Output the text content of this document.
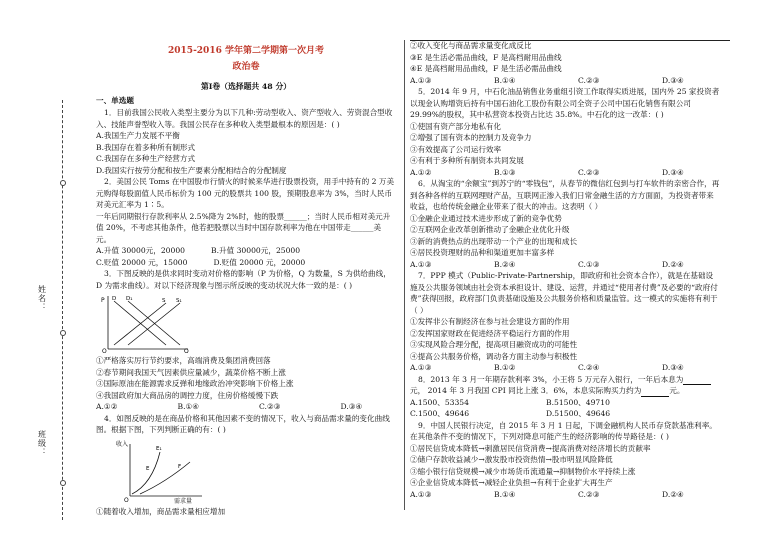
姓名：
班级：
2015-2016 学年第二学期第一次月考
政治卷
第Ⅰ卷（选择题共 48 分）
一、单选题

1．目前我国公民收入类型主要分为以下几种:劳动型收入、资产型收入、劳资混合型收入、技能声誉型收入等。我国公民存在多种收入类型最根本的原因是：( )

A.我国生产力发展不平衡

B.我国存在着多种所有制形式

C.我国存在多种生产经营方式

D.我国实行按劳分配和按生产要素分配相结合的分配制度

2．美国公民 Toms 在中国股市行情火的时候来华进行股票投资，用手中持有的 2 万美元购得每股面值人民币标价为 100 元的股票共 100 股，预期股息率为 3%，当时人民币对美元汇率为 1∶5。

一年后同期银行存款利率从 2.5%降为 2%时，他的股票______；当时人民币相对美元升值 20%，不考虑其他条件，他若把股票以当时中国存款利率为他在中国带走______美元。

A.升值 30000元，20000	B.升值 30000元，25000
C.贬值 20000 元，15000	D.贬值 20000 元，20000

3．下图反映的是供求同时变动对价格的影响（P 为价格，Q 为数量，S 为供给曲线，D 为需求曲线）。对以下经济现象与图示所反映的变动状况大体一致的是：( )

P
Q
O
D D₁	S S₁

①严格落实厉行节约要求，高端消费及集团消费回落

②春节期间我国天气因素供应量减少，蔬菜价格不断上涨

③国际原油在能源需求反弹和地缘政治冲突影响下价格上涨

④我国政府加大商品房的调控力度，住房价格缓慢下跌

A.①②	B.①④	C.②③	D.③④

4．如图反映的是在商品价格和其他因素不变的情况下，收入与商品需求量的变化曲线图。根据下图，下列判断正确的有：( )

收入
需求量
O
E₁
E	F

①随着收入增加，商品需求量相应增加

②收入变化与商品需求量变化成反比

③E 是生活必需品曲线，F 是高档耐用品曲线

④E 是高档耐用品曲线，F 是生活必需品曲线

A.①③	B.①④	C.②③	D.③④

5．2014 年 9 月，中石化油品销售业务重组引资工作取得实质进展，国内外 25 家投资者以现金认购增资后持有中国石油化工股份有限公司全资子公司中国石化销售有限公司 29.99%的股权，其中私营资本投资占比达 35.8%。中石化的这一改革：( )

①使国有资产部分地私有化

②增强了国有资本的控制力及竞争力

③有效提高了公司运行效率

④有利于多种所有制资本共同发展

A.①②	B.①③	C.②③	D.③④

6．从淘宝的“余额宝”到苏宁的“零钱包”，从春节的微信红包到与打车软件的亲密合作，再到各种各样的互联网理财产品，互联网正渗入我们日常金融生活的方方面面，为投资者带来收益，也给传统金融企业带来了很大的冲击。这表明（ ）

①金融企业通过技术进步形成了新的竞争优势

②互联网企业改革创新推动了金融企业优化升级

③新的消费热点的出现带动一个产业的出现和成长

④居民投资理财的品种和渠道更加丰富多样

A.①③	B.②④	C.①③	D.②④

7．PPP 模式（Public-Private-Partnership，即政府和社会资本合作），就是在基础设施及公共服务领域由社会资本承担设计、建设、运营，并通过“使用者付费”及必要的“政府付费”获得回报，政府部门负责基础设施及公共服务价格和质量监管。这一模式的实施将有利于（ ）

①发挥非公有制经济在参与社会建设方面的作用

②发挥国家财政在促进经济平稳运行方面的作用

③实现风险合理分配，提高项目融资成功的可能性

④提高公共服务价格，调动各方面主动参与积极性

A.①③	B.①②	C.②④	D.③④

8．2013 年 3 月一年期存款利率 3%，小王将 5 万元存入银行，一年后本息为元， 2014 年 3 月我国 CPI 同比上涨 3．6%，本息实际购买力约为	元。

A.1500、53354	B.51500、49710
C.1500、49646	D.51500、49646

9．中国人民银行决定，自 2015 年 3 月 1 日起，下调金融机构人民币存贷款基准利率。在其他条件不变的情况下，下列对降息可能产生的经济影响的传导路径是：( )

①居民信贷成本降低→刺激居民信贷消费→提高消费对经济增长的贡献率

②储户存款收益减少→激发股市投资热情→股市明显风险降低

③缩小银行信贷规模→减少市场货币流通量→抑制物价水平持续上涨

④企业信贷成本降低→减轻企业负担→有利于企业扩大再生产

A.①③	B.①④	C.②③	D.②④
